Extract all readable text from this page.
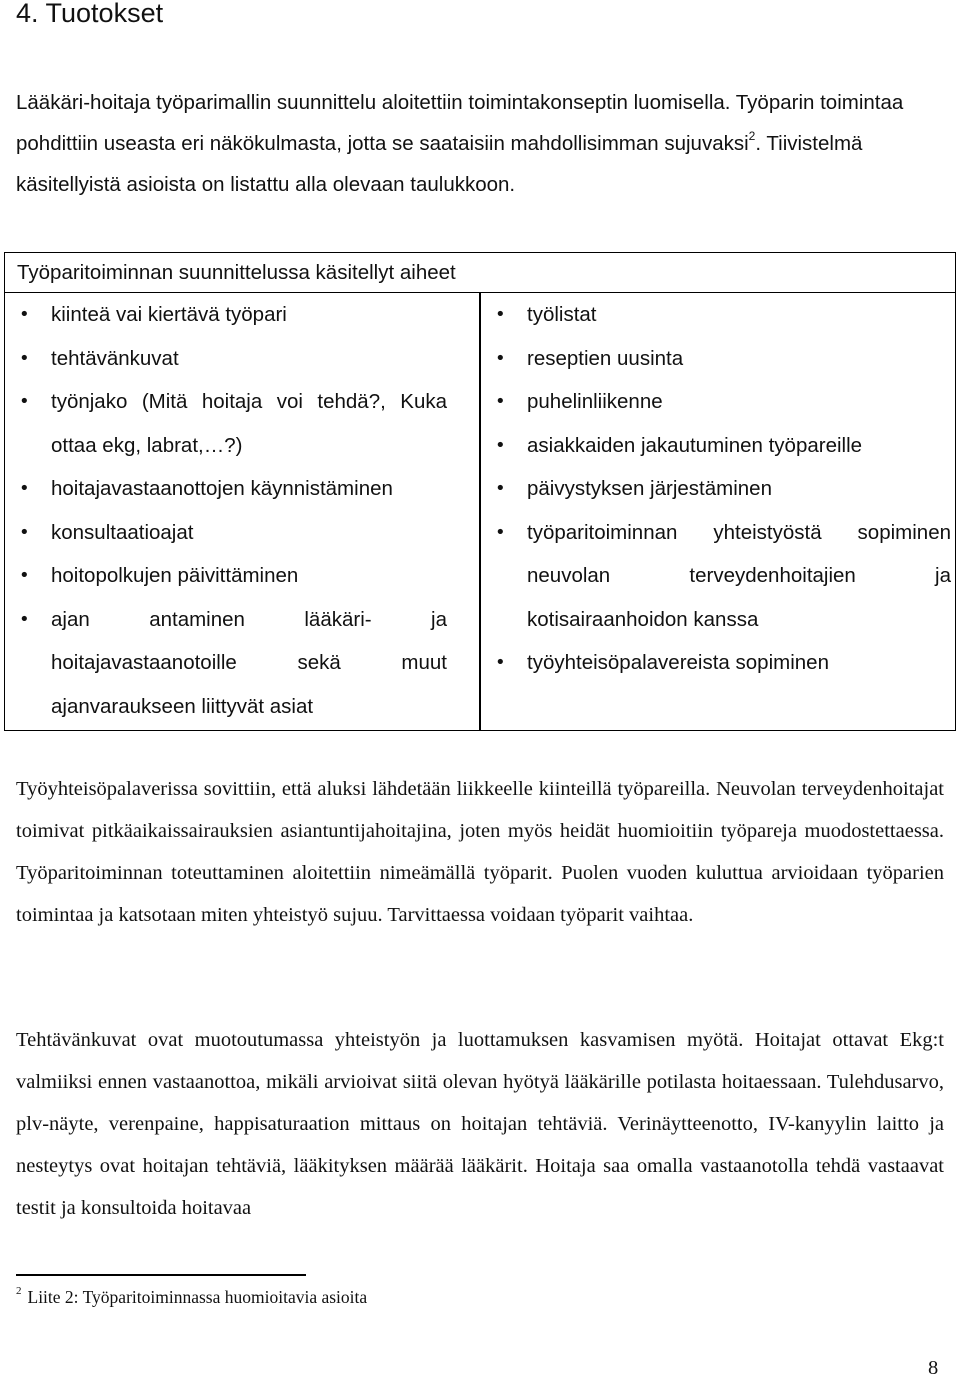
4. Tuotokset

Lääkäri-hoitaja työparimallin suunnittelu aloitettiin toimintakonseptin luomisella. Työparin toimintaa pohdittiin useasta eri näkökulmasta, jotta se saataisiin mahdollisimman sujuvaksi$^2$. Tiivistelmä käsitellyistä asioista on listattu alla olevaan taulukkoon.

Työparitoiminnan suunnittelussa käsitellyt aiheet
• kiinteä vai kiertävä työpari
• tehtävänkuvat
• työnjako (Mitä hoitaja voi tehdä?, Kuka ottaa ekg, labrat,…?)
• hoitajavastaanottojen käynnistäminen
• konsultaatioajat
• hoitopolkujen päivittäminen
• ajan antaminen lääkäri- ja hoitajavastaanotoille sekä muut ajanvaraukseen liittyvät asiat
• työlistat
• reseptien uusinta
• puhelinliikenne
• asiakkaiden jakautuminen työpareille
• päivystyksen järjestäminen
• työparitoiminnan yhteistyöstä sopiminen neuvolan terveydenhoitajien ja kotisairaanhoidon kanssa
• työyhteisöpalavereista sopiminen

Työyhteisöpalaverissa sovittiin, että aluksi lähdetään liikkeelle kiinteillä työpareilla. Neuvolan terveydenhoitajat toimivat pitkäaikaissairauksien asiantuntijahoitajina, joten myös heidät huomioitiin työpareja muodostettaessa. Työparitoiminnan toteuttaminen aloitettiin nimeämällä työparit. Puolen vuoden kuluttua arvioidaan työparien toimintaa ja katsotaan miten yhteistyö sujuu. Tarvittaessa voidaan työparit vaihtaa.

Tehtävänkuvat ovat muotoutumassa yhteistyön ja luottamuksen kasvamisen myötä. Hoitajat ottavat Ekg:t valmiiksi ennen vastaanottoa, mikäli arvioivat siitä olevan hyötyä lääkärille potilasta hoitaessaan. Tulehdusarvo, plv-näyte, verenpaine, happisaturaation mittaus on hoitajan tehtäviä. Verinäytteenotto, IV-kanyylin laitto ja nesteytys ovat hoitajan tehtäviä, lääkityksen määrää lääkärit. Hoitaja saa omalla vastaanotolla tehdä vastaavat testit ja konsultoida hoitavaa

$^2$ Liite 2: Työparitoiminnassa huomioitavia asioita

8
